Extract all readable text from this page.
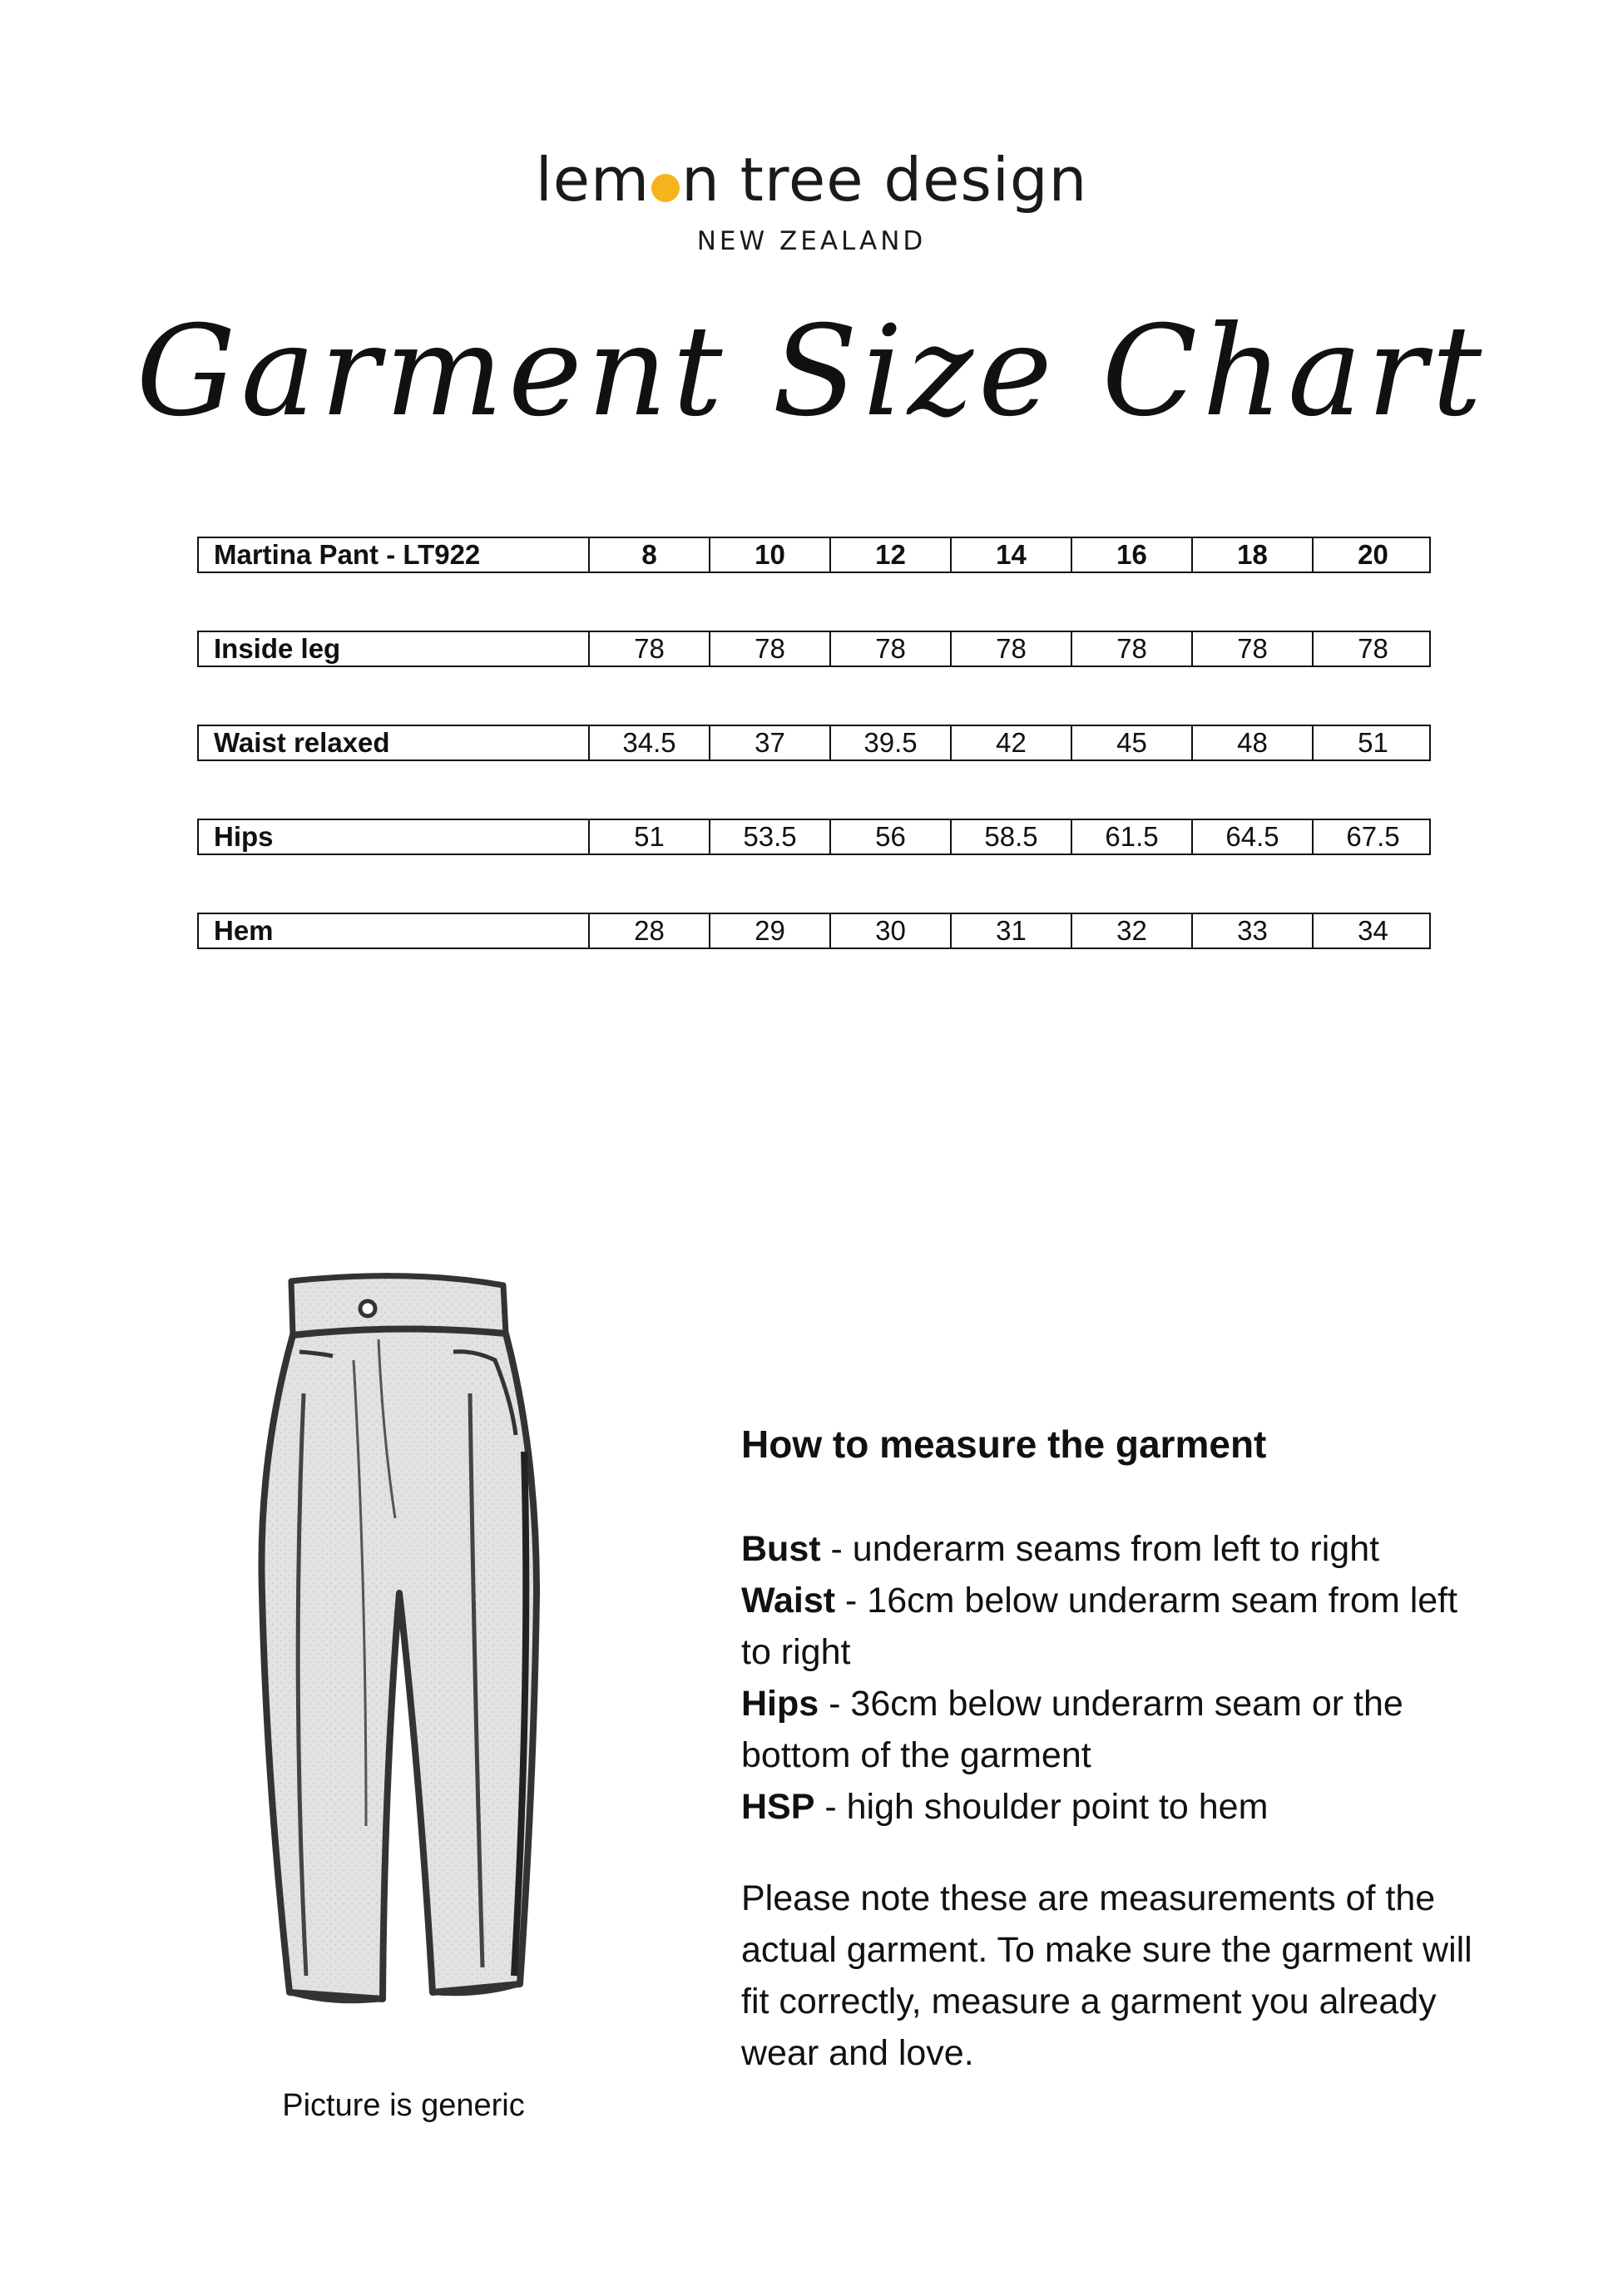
lem n tree design
NEW ZEALAND
Garment Size Chart
Martina Pant - LT922	8	10	12	14	16	18	20
Inside leg	78	78	78	78	78	78	78
Waist relaxed	34.5	37	39.5	42	45	48	51
Hips	51	53.5	56	58.5	61.5	64.5	67.5
Hem	28	29	30	31	32	33	34
Picture is generic
How to measure the garment

Bust - underarm seams from left to right

Waist - 16cm below underarm seam from left to right

Hips - 36cm below underarm seam or the bottom of the garment

HSP - high shoulder point to hem

Please note these are measurements of the actual garment. To make sure the garment will fit correctly, measure a garment you already wear and love.
